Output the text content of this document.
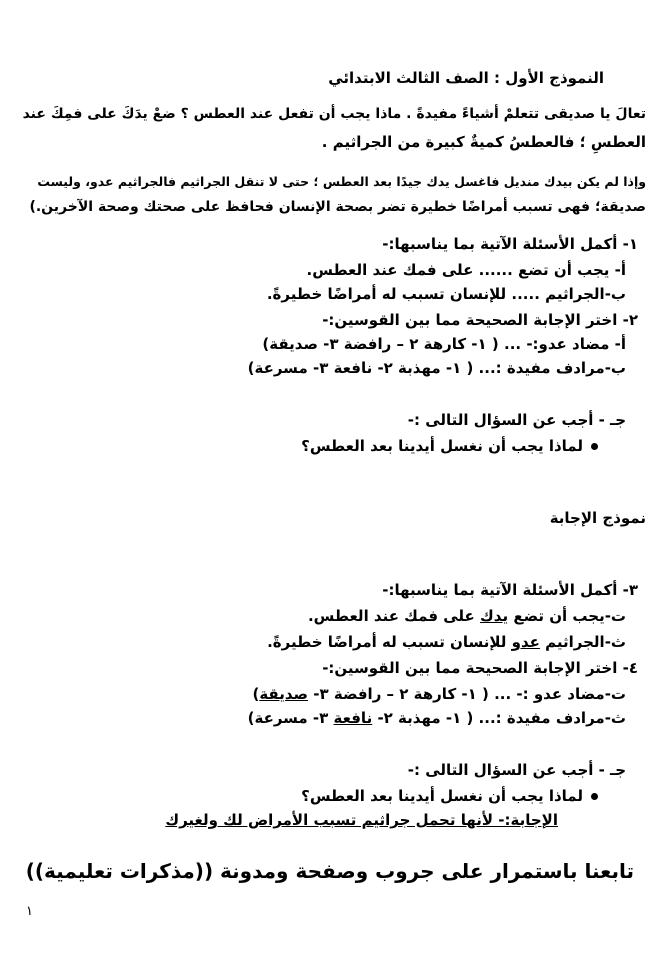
النموذج الأول : الصف الثالث الابتدائي
تعالَ يا صديقى تتعلمْ أشياءً مفيدةً . ماذا يجب أن تفعل عند العطس ؟ ضعْ يدَكَ على فمِكَ عند
العطسِ ؛ فالعطسُ كميةٌ كبيرة من الجراثيم .
وإذا لم يكن بيدك منديل فاغسل يدك جيدًا بعد العطس ؛ حتى لا تنقل الجراثيم فالجراثيم عدو، وليست
صديقة؛ فهى تسبب أمراضًا خطيرة تضر بصحة الإنسان فحافظ على صحتك وصحة الآخرين.)
١- أكمل الأسئلة الآتية بما يناسبها:-
أ- يجب أن تضع ...... على فمك عند العطس.
ب-الجراثيم ..... للإنسان تسبب له أمراضًا خطيرةً.
٢- اختر الإجابة الصحيحة مما بين القوسين:-
أ- مضاد عدو:- ... ( ١- كارهة ٢ – رافضة ٣- صديقة)
ب-مرادف مفيدة :... ( ١- مهذبة ٢- نافعة ٣- مسرعة)
جـ - أجب عن السؤال التالى :-
لماذا يجب أن نغسل أيدينا بعد العطس؟
نموذج الإجابة
٣- أكمل الأسئلة الآتية بما يناسبها:-
ت-يجب أن تضع يدك على فمك عند العطس.
ث-الجراثيم عدو للإنسان تسبب له أمراضًا خطيرةً.
٤- اختر الإجابة الصحيحة مما بين القوسين:-
ت-مضاد عدو :- ... ( ١- كارهة ٢ – رافضة ٣- صديقة)
ث-مرادف مفيدة :... ( ١- مهذبة ٢- نافعة ٣- مسرعة)
جـ - أجب عن السؤال التالى :-
لماذا يجب أن نغسل أيدينا بعد العطس؟
الإجابة:- لأنها تحمل جراثيم تسبب الأمراض لك ولغيرك
تابعنا باستمرار على جروب وصفحة ومدونة ((مذكرات تعليمية))
١
